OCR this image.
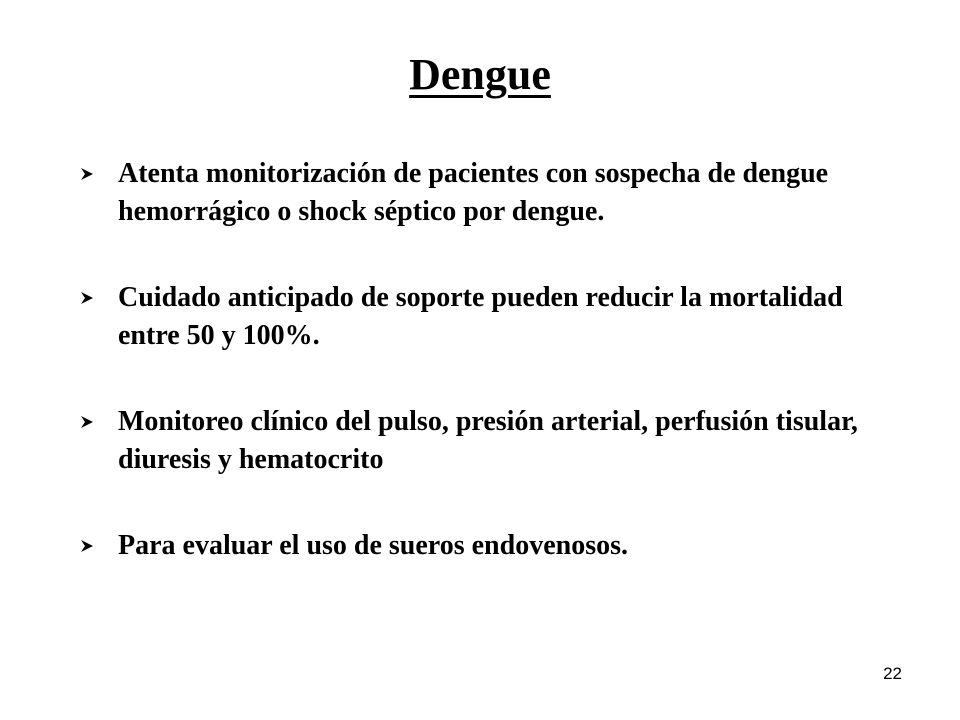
Dengue
Atenta monitorización de pacientes con sospecha de dengue hemorrágico o shock séptico por dengue.
Cuidado anticipado de soporte pueden reducir la mortalidad entre 50 y 100%.
Monitoreo clínico del pulso, presión arterial, perfusión tisular, diuresis y hematocrito
Para evaluar el uso de sueros endovenosos.
22
